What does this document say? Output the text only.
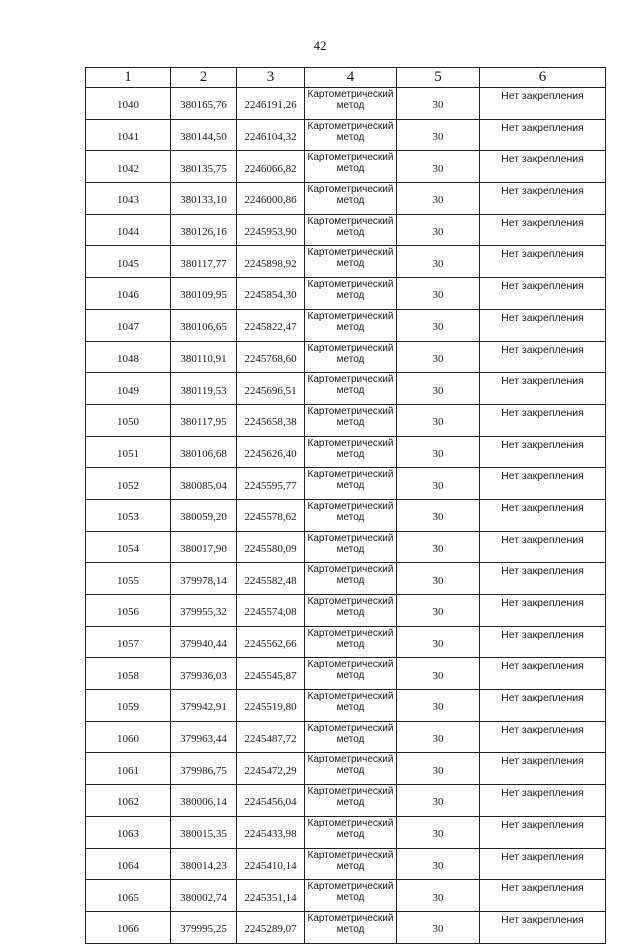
42
1	2	3	4	5	6
1040	380165,76	2246191,26	Картометрический метод	30	Нет закрепления
1041	380144,50	2246104,32	Картометрический метод	30	Нет закрепления
1042	380135,75	2246066,82	Картометрический метод	30	Нет закрепления
1043	380133,10	2246000,86	Картометрический метод	30	Нет закрепления
1044	380126,16	2245953,90	Картометрический метод	30	Нет закрепления
1045	380117,77	2245898,92	Картометрический метод	30	Нет закрепления
1046	380109,95	2245854,30	Картометрический метод	30	Нет закрепления
1047	380106,65	2245822,47	Картометрический метод	30	Нет закрепления
1048	380110,91	2245768,60	Картометрический метод	30	Нет закрепления
1049	380119,53	2245696,51	Картометрический метод	30	Нет закрепления
1050	380117,95	2245658,38	Картометрический метод	30	Нет закрепления
1051	380106,68	2245626,40	Картометрический метод	30	Нет закрепления
1052	380085,04	2245595,77	Картометрический метод	30	Нет закрепления
1053	380059,20	2245578,62	Картометрический метод	30	Нет закрепления
1054	380017,90	2245580,09	Картометрический метод	30	Нет закрепления
1055	379978,14	2245582,48	Картометрический метод	30	Нет закрепления
1056	379955,32	2245574,08	Картометрический метод	30	Нет закрепления
1057	379940,44	2245562,66	Картометрический метод	30	Нет закрепления
1058	379936,03	2245545,87	Картометрический метод	30	Нет закрепления
1059	379942,91	2245519,80	Картометрический метод	30	Нет закрепления
1060	379963,44	2245487,72	Картометрический метод	30	Нет закрепления
1061	379986,75	2245472,29	Картометрический метод	30	Нет закрепления
1062	380006,14	2245456,04	Картометрический метод	30	Нет закрепления
1063	380015,35	2245433,98	Картометрический метод	30	Нет закрепления
1064	380014,23	2245410,14	Картометрический метод	30	Нет закрепления
1065	380002,74	2245351,14	Картометрический метод	30	Нет закрепления
1066	379995,25	2245289,07	Картометрический метод	30	Нет закрепления
